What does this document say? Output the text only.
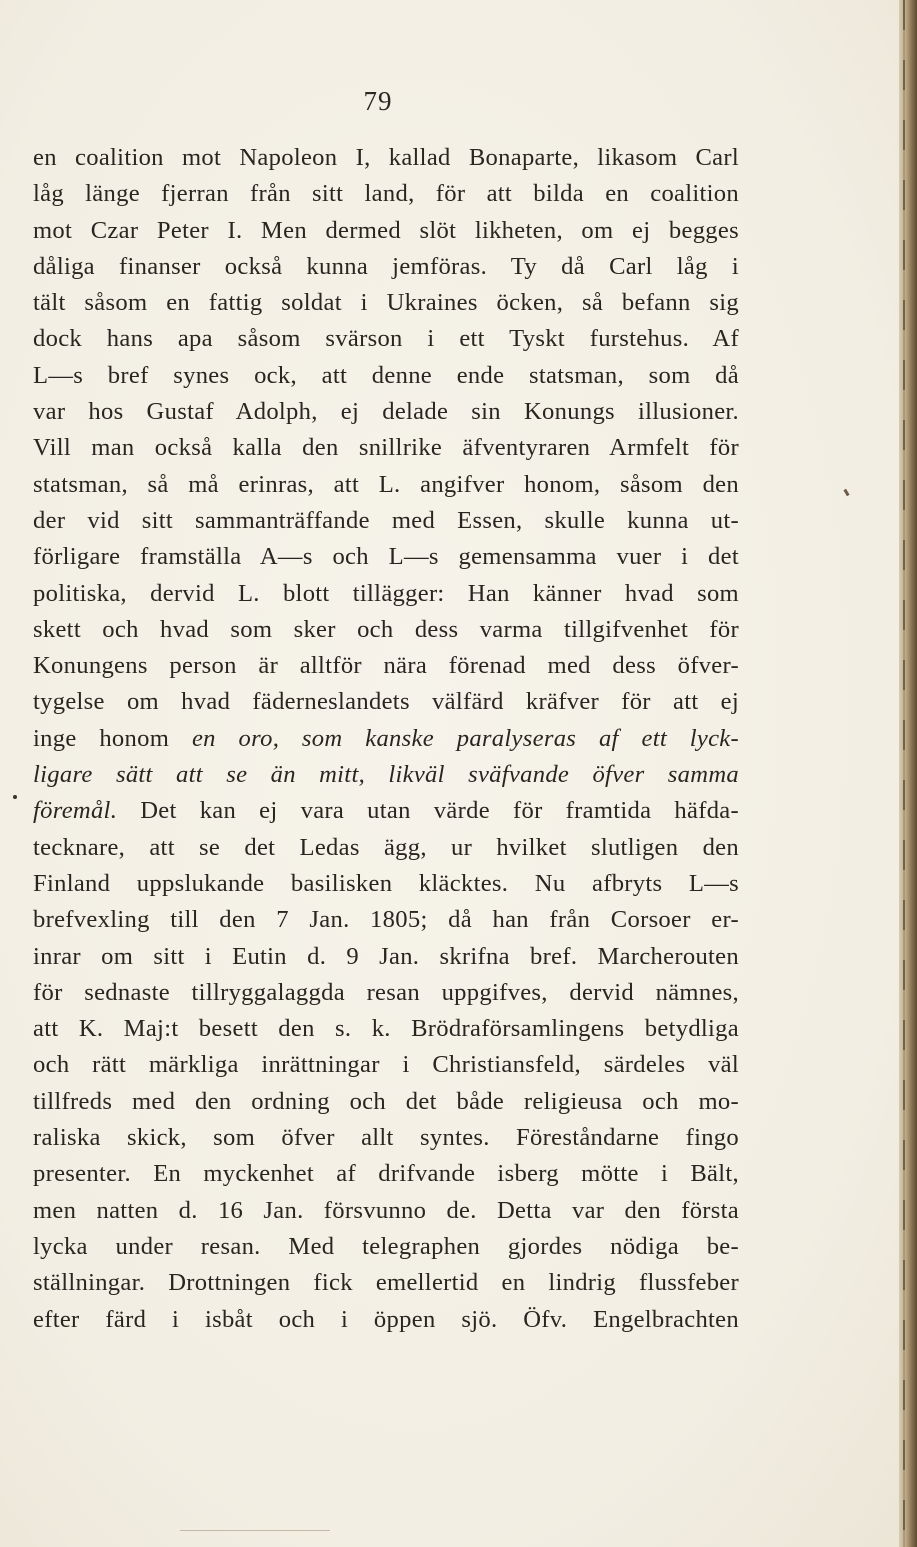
79
en coalition mot Napoleon I, kallad Bonaparte, likasom Carl
låg länge fjerran från sitt land, för att bilda en coalition
mot Czar Peter I. Men dermed slöt likheten, om ej begges
dåliga finanser också kunna jemföras. Ty då Carl låg i
tält såsom en fattig soldat i Ukraines öcken, så befann sig
dock hans apa såsom svärson i ett Tyskt furstehus. Af
L—s bref synes ock, att denne ende statsman, som då
var hos Gustaf Adolph, ej delade sin Konungs illusioner.
Vill man också kalla den snillrike äfventyraren Armfelt för
statsman, så må erinras, att L. angifver honom, såsom den
der vid sitt sammanträffande med Essen, skulle kunna ut-
förligare framställa A—s och L—s gemensamma vuer i det
politiska, dervid L. blott tillägger: Han känner hvad som
skett och hvad som sker och dess varma tillgifvenhet för
Konungens person är alltför nära förenad med dess öfver-
tygelse om hvad fäderneslandets välfärd kräfver för att ej
inge honom en oro, som kanske paralyseras af ett lyck-
ligare sätt att se än mitt, likväl sväfvande öfver samma
föremål. Det kan ej vara utan värde för framtida häfda-
tecknare, att se det Ledas ägg, ur hvilket slutligen den
Finland uppslukande basilisken kläcktes. Nu afbryts L—s
brefvexling till den 7 Jan. 1805; då han från Corsoer er-
inrar om sitt i Eutin d. 9 Jan. skrifna bref. Marcherouten
för sednaste tillryggalaggda resan uppgifves, dervid nämnes,
att K. Maj:t besett den s. k. Brödraförsamlingens betydliga
och rätt märkliga inrättningar i Christiansfeld, särdeles väl
tillfreds med den ordning och det både religieusa och mo-
raliska skick, som öfver allt syntes. Föreståndarne fingo
presenter. En myckenhet af drifvande isberg mötte i Bält,
men natten d. 16 Jan. försvunno de. Detta var den första
lycka under resan. Med telegraphen gjordes nödiga be-
ställningar. Drottningen fick emellertid en lindrig flussfeber
efter färd i isbåt och i öppen sjö. Öfv. Engelbrachten
